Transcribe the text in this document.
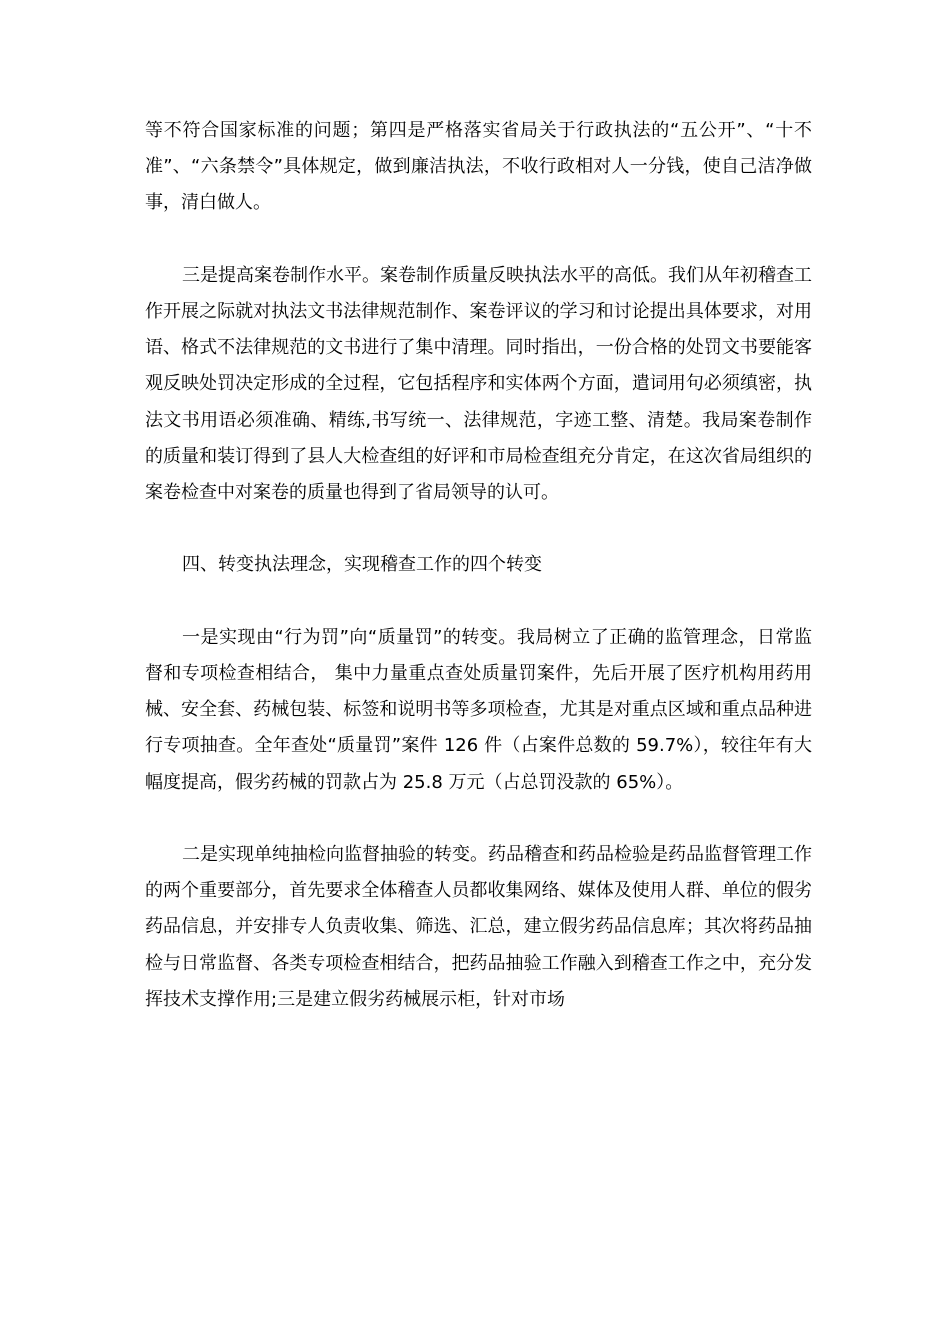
等不符合国家标准的问题；第四是严格落实省局关于行政执法的“五公开”、“十不准”、“六条禁令”具体规定，做到廉洁执法，不收行政相对人一分钱，使自己洁净做事，清白做人。

三是提高案卷制作水平。案卷制作质量反映执法水平的高低。我们从年初稽查工作开展之际就对执法文书法律规范制作、案卷评议的学习和讨论提出具体要求，对用语、格式不法律规范的文书进行了集中清理。同时指出，一份合格的处罚文书要能客观反映处罚决定形成的全过程，它包括程序和实体两个方面，遣词用句必须缜密，执法文书用语必须准确、精练,书写统一、法律规范，字迹工整、清楚。我局案卷制作的质量和装订得到了县人大检查组的好评和市局检查组充分肯定，在这次省局组织的案卷检查中对案卷的质量也得到了省局领导的认可。

四、转变执法理念，实现稽查工作的四个转变

一是实现由“行为罚”向“质量罚”的转变。我局树立了正确的监管理念，日常监督和专项检查相结合， 集中力量重点查处质量罚案件，先后开展了医疗机构用药用械、安全套、药械包装、标签和说明书等多项检查，尤其是对重点区域和重点品种进行专项抽查。全年查处“质量罚”案件 126 件（占案件总数的 59.7%），较往年有大幅度提高，假劣药械的罚款占为 25.8 万元（占总罚没款的 65%）。

二是实现单纯抽检向监督抽验的转变。药品稽查和药品检验是药品监督管理工作的两个重要部分，首先要求全体稽查人员都收集网络、媒体及使用人群、单位的假劣药品信息，并安排专人负责收集、筛选、汇总，建立假劣药品信息库；其次将药品抽检与日常监督、各类专项检查相结合，把药品抽验工作融入到稽查工作之中，充分发挥技术支撑作用;三是建立假劣药械展示柜，针对市场
